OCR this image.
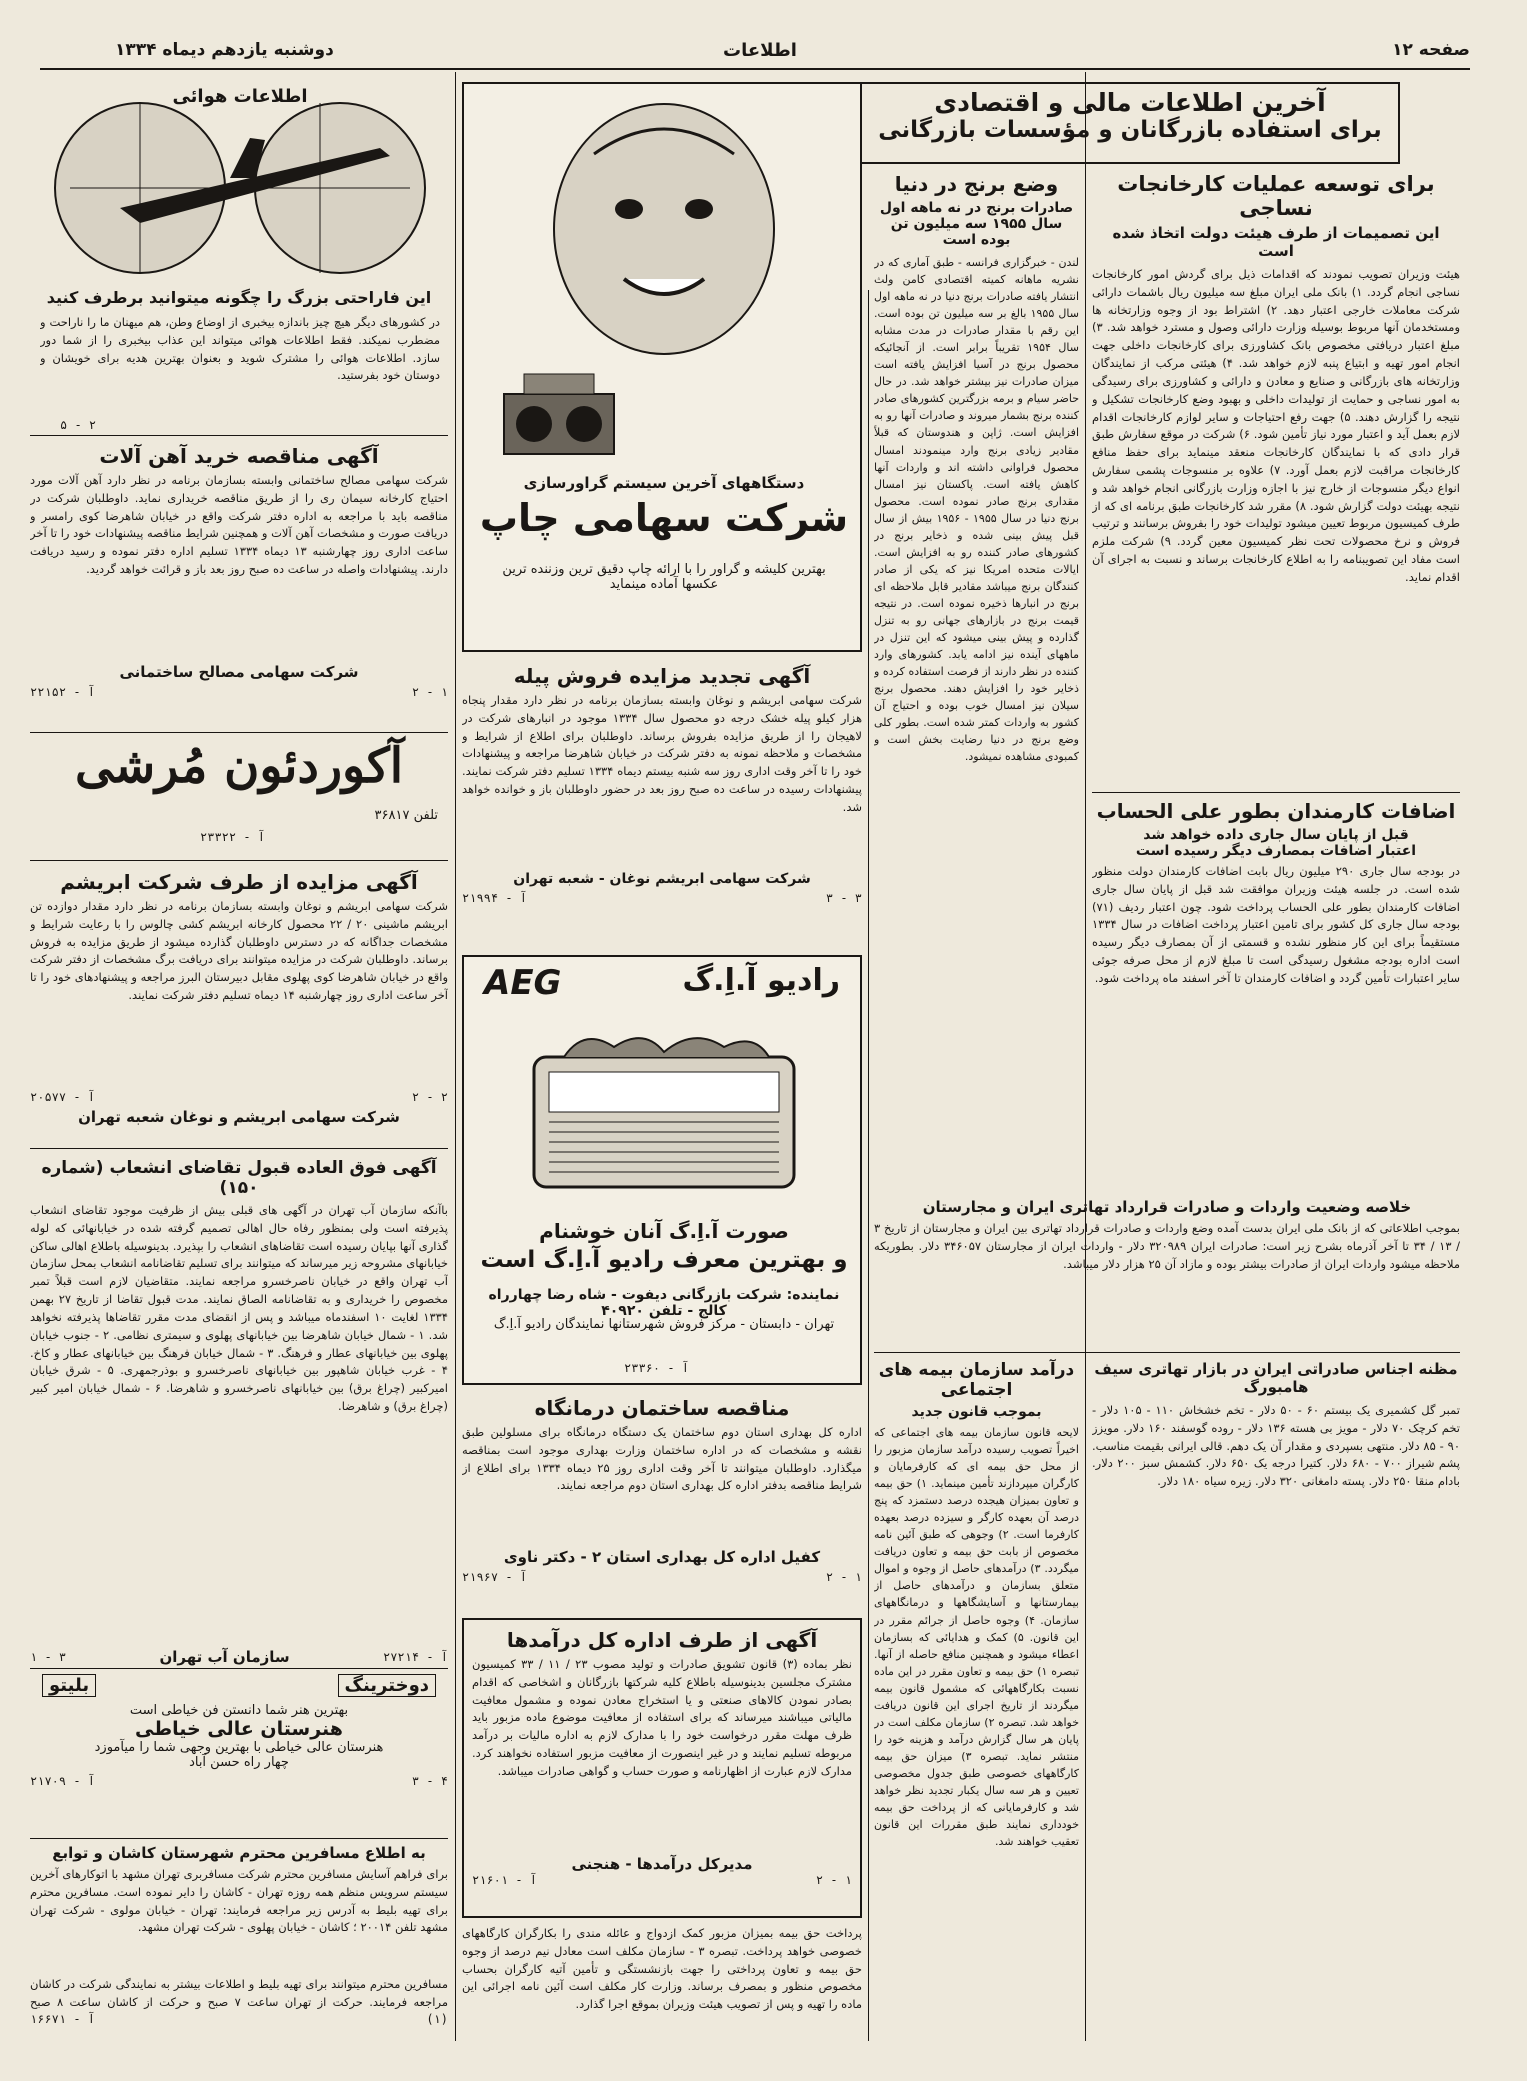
صفحه ۱۲
اطلاعات
دوشنبه یازدهم دیماه ۱۳۳۴
آخرین اطلاعات مالی و اقتصادی
برای استفاده بازرگانان و مؤسسات بازرگانی
برای توسعه عملیات کارخانجات نساجی
این تصمیمات از طرف هیئت دولت اتخاذ شده است
هیئت وزیران تصویب نمودند که اقدامات ذیل برای گردش امور کارخانجات نساجی انجام گردد. ۱) بانک ملی ایران مبلغ سه میلیون ریال باشمات دارائی شرکت معاملات خارجی اعتبار دهد. ۲) اشتراط بود از وجوه وزارتخانه ها ومستخدمان آنها مربوط بوسیله وزارت دارائی وصول و مسترد خواهد شد. ۳) مبلغ اعتبار دریافتی مخصوص بانک کشاورزی برای کارخانجات داخلی جهت انجام امور تهیه و ابتیاع پنبه لازم خواهد شد. ۴) هیئتی مرکب از نمایندگان وزارتخانه های بازرگانی و صنایع و معادن و دارائی و کشاورزی برای رسیدگی به امور نساجی و حمایت از تولیدات داخلی و بهبود وضع کارخانجات تشکیل و نتیجه را گزارش دهند. ۵) جهت رفع احتیاجات و سایر لوازم کارخانجات اقدام لازم بعمل آید و اعتبار مورد نیاز تأمین شود. ۶) شرکت در موقع سفارش طبق قرار دادی که با نمایندگان کارخانجات منعقد مینماید برای حفظ منافع کارخانجات مراقبت لازم بعمل آورد. ۷) علاوه بر منسوجات پشمی سفارش انواع دیگر منسوجات از خارج نیز با اجازه وزارت بازرگانی انجام خواهد شد و نتیجه بهیئت دولت گزارش شود. ۸) مقرر شد کارخانجات طبق برنامه ای که از طرف کمیسیون مربوط تعیین میشود تولیدات خود را بفروش برسانند و ترتیب فروش و نرخ محصولات تحت نظر کمیسیون معین گردد. ۹) شرکت ملزم است مفاد این تصویبنامه را به اطلاع کارخانجات برساند و نسبت به اجرای آن اقدام نماید.
اضافات کارمندان بطور علی الحساب
قبل از پایان سال جاری داده خواهد شد
اعتبار اضافات بمصارف دیگر رسیده است
در بودجه سال جاری ۲۹۰ میلیون ریال بابت اضافات کارمندان دولت منظور شده است. در جلسه هیئت وزیران موافقت شد قبل از پایان سال جاری اضافات کارمندان بطور علی الحساب پرداخت شود. چون اعتبار ردیف (۷۱) بودجه سال جاری کل کشور برای تامین اعتبار پرداخت اضافات در سال ۱۳۳۴ مستقیماً برای این کار منظور نشده و قسمتی از آن بمصارف دیگر رسیده است اداره بودجه مشغول رسیدگی است تا مبلغ لازم از محل صرفه جوئی سایر اعتبارات تأمین گردد و اضافات کارمندان تا آخر اسفند ماه پرداخت شود.
وضع برنج در دنیا
صادرات برنج در نه ماهه اول سال ۱۹۵۵ سه میلیون تن بوده است
لندن - خبرگزاری فرانسه - طبق آماری که در نشریه ماهانه کمیته اقتصادی کامن ولث انتشار یافته صادرات برنج دنیا در نه ماهه اول سال ۱۹۵۵ بالغ بر سه میلیون تن بوده است. این رقم با مقدار صادرات در مدت مشابه سال ۱۹۵۴ تقریباً برابر است. از آنجائیکه محصول برنج در آسیا افزایش یافته است میزان صادرات نیز بیشتر خواهد شد. در حال حاضر سیام و برمه بزرگترین کشورهای صادر کننده برنج بشمار میروند و صادرات آنها رو به افزایش است. ژاپن و هندوستان که قبلاً مقادیر زیادی برنج وارد مینمودند امسال محصول فراوانی داشته اند و واردات آنها کاهش یافته است. پاکستان نیز امسال مقداری برنج صادر نموده است. محصول برنج دنیا در سال ۱۹۵۵ - ۱۹۵۶ بیش از سال قبل پیش بینی شده و ذخایر برنج در کشورهای صادر کننده رو به افزایش است. ایالات متحده امریکا نیز که یکی از صادر کنندگان برنج میباشد مقادیر قابل ملاحظه ای برنج در انبارها ذخیره نموده است. در نتیجه قیمت برنج در بازارهای جهانی رو به تنزل گذارده و پیش بینی میشود که این تنزل در ماههای آینده نیز ادامه یابد. کشورهای وارد کننده در نظر دارند از فرصت استفاده کرده و ذخایر خود را افزایش دهند. محصول برنج سیلان نیز امسال خوب بوده و احتیاج آن کشور به واردات کمتر شده است. بطور کلی وضع برنج در دنیا رضایت بخش است و کمبودی مشاهده نمیشود.
خلاصه وضعیت واردات و صادرات قرارداد تهاتری ایران و مجارستان
بموجب اطلاعاتی که از بانک ملی ایران بدست آمده وضع واردات و صادرات قرارداد تهاتری بین ایران و مجارستان از تاریخ ۳ / ۱۳ / ۳۴ تا آخر آذرماه بشرح زیر است: صادرات ایران ۳۲۰۹۸۹ دلار - واردات ایران از مجارستان ۳۴۶۰۵۷ دلار. بطوریکه ملاحظه میشود واردات ایران از صادرات بیشتر بوده و مازاد آن ۲۵ هزار دلار میباشد.
مظنه اجناس صادراتی ایران در بازار تهاتری سیف هامبورگ
تمبر گل کشمیری یک بیستم ۶۰ - ۵۰ دلار - تخم خشخاش ۱۱۰ - ۱۰۵ دلار - تخم کرچک ۷۰ دلار - مویز بی هسته ۱۳۶ دلار - روده گوسفند ۱۶۰ دلار. مویزز ۹۰ - ۸۵ دلار. منتهی بسپردی و مقدار آن یک دهم. قالی ایرانی بقیمت مناسب. پشم شیراز ۷۰۰ - ۶۸۰ دلار. کتیرا درجه یک ۶۵۰ دلار. کشمش سبز ۲۰۰ دلار. بادام منقا ۲۵۰ دلار. پسته دامغانی ۳۲۰ دلار. زیره سیاه ۱۸۰ دلار.
درآمد سازمان بیمه های اجتماعی
بموجب قانون جدید
لایحه قانون سازمان بیمه های اجتماعی که اخیراً تصویب رسیده درآمد سازمان مزبور را از محل حق بیمه ای که کارفرمایان و کارگران میپردازند تأمین مینماید. ۱) حق بیمه و تعاون بمیزان هیجده درصد دستمزد که پنج درصد آن بعهده کارگر و سیزده درصد بعهده کارفرما است. ۲) وجوهی که طبق آئین نامه مخصوص از بابت حق بیمه و تعاون دریافت میگردد. ۳) درآمدهای حاصل از وجوه و اموال متعلق بسازمان و درآمدهای حاصل از بیمارستانها و آسایشگاهها و درمانگاههای سازمان. ۴) وجوه حاصل از جرائم مقرر در این قانون. ۵) کمک و هدایائی که بسازمان اعطاء میشود و همچنین منافع حاصله از آنها. تبصره ۱) حق بیمه و تعاون مقرر در این ماده نسبت بکارگاههائی که مشمول قانون بیمه میگردند از تاریخ اجرای این قانون دریافت خواهد شد. تبصره ۲) سازمان مکلف است در پایان هر سال گزارش درآمد و هزینه خود را منتشر نماید. تبصره ۳) میزان حق بیمه کارگاههای خصوصی طبق جدول مخصوصی تعیین و هر سه سال یکبار تجدید نظر خواهد شد و کارفرمایانی که از پرداخت حق بیمه خودداری نمایند طبق مقررات این قانون تعقیب خواهند شد.
دستگاههای آخرین سیستم گراورسازی
شرکت سهامی چاپ
بهترین کلیشه و گراور را با ارائه چاپ دقیق ترین وزننده ترین عکسها آماده مینماید
آگهی تجدید مزایده فروش پیله
شرکت سهامی ابریشم و نوغان وابسته بسازمان برنامه در نظر دارد مقدار پنجاه هزار کیلو پیله خشک درجه دو محصول سال ۱۳۳۴ موجود در انبارهای شرکت در لاهیجان را از طریق مزایده بفروش برساند. داوطلبان برای اطلاع از شرایط و مشخصات و ملاحظه نمونه به دفتر شرکت در خیابان شاهرضا مراجعه و پیشنهادات خود را تا آخر وقت اداری روز سه شنبه بیستم دیماه ۱۳۳۴ تسلیم دفتر شرکت نمایند. پیشنهادات رسیده در ساعت ده صبح روز بعد در حضور داوطلبان باز و خوانده خواهد شد.
شرکت سهامی ابریشم نوغان - شعبه تهران
آ - ۲۱۹۹۴	۳ - ۳
AEG	رادیو آ.اِ.گ
صورت آ.اِ.گ آنان خوشنام
و بهترین معرف رادیو آ.اِ.گ است
نماینده: شرکت بازرگانی دیفوت - شاه رضا چهارراه کالج - تلفن ۴۰۹۲۰
تهران - دابستان - مرکز فروش شهرستانها نمایندگان رادیو آ.اِ.گ
آ - ۲۳۳۶۰
مناقصه ساختمان درمانگاه
اداره کل بهداری استان دوم ساختمان یک دستگاه درمانگاه برای مسلولین طبق نقشه و مشخصات که در اداره ساختمان وزارت بهداری موجود است بمناقصه میگذارد. داوطلبان میتوانند تا آخر وقت اداری روز ۲۵ دیماه ۱۳۳۴ برای اطلاع از شرایط مناقصه بدفتر اداره کل بهداری استان دوم مراجعه نمایند.
کفیل اداره کل بهداری استان ۲ - دکتر ناوی
آ - ۲۱۹۶۷	۲ - ۱
آگهی از طرف اداره کل درآمدها
نظر بماده (۳) قانون تشویق صادرات و تولید مصوب ۲۳ / ۱۱ / ۳۳ کمیسیون مشترک مجلسین بدینوسیله باطلاع کلیه شرکتها بازرگانان و اشخاصی که اقدام بصادر نمودن کالاهای صنعتی و یا استخراج معادن نموده و مشمول معافیت مالیاتی میباشند میرساند که برای استفاده از معافیت موضوع ماده مزبور باید ظرف مهلت مقرر درخواست خود را با مدارک لازم به اداره مالیات بر درآمد مربوطه تسلیم نمایند و در غیر اینصورت از معافیت مزبور استفاده نخواهند کرد. مدارک لازم عبارت از اظهارنامه و صورت حساب و گواهی صادرات میباشد.
مدیرکل درآمدها - هنجنی
آ - ۲۱۶۰۱	۲ - ۱
پرداخت حق بیمه بمیزان مزبور کمک ازدواج و عائله مندی را بکارگران کارگاههای خصوصی خواهد پرداخت. تبصره ۳ - سازمان مکلف است معادل نیم درصد از وجوه حق بیمه و تعاون پرداختی را جهت بازنشستگی و تأمین آتیه کارگران بحساب مخصوص منظور و بمصرف برساند. وزارت کار مکلف است آئین نامه اجرائی این ماده را تهیه و پس از تصویب هیئت وزیران بموقع اجرا گذارد.
اطلاعات هوائی
این فاراحتی بزرگ را چگونه میتوانید برطرف کنید
در کشورهای دیگر هیچ چیز باندازه بیخبری از اوضاع وطن، هم میهنان ما را ناراحت و مضطرب نمیکند. فقط اطلاعات هوائی میتواند این عذاب بیخبری را از شما دور سازد. اطلاعات هوائی را مشترک شوید و بعنوان بهترین هدیه برای خویشان و دوستان خود بفرستید.
۵ - ۲
آگهی مناقصه خرید آهن آلات
شرکت سهامی مصالح ساختمانی وابسته بسازمان برنامه در نظر دارد آهن آلات مورد احتیاج کارخانه سیمان ری را از طریق مناقصه خریداری نماید. داوطلبان شرکت در مناقصه باید با مراجعه به اداره دفتر شرکت واقع در خیابان شاهرضا کوی رامسر و دریافت صورت و مشخصات آهن آلات و همچنین شرایط مناقصه پیشنهادات خود را تا آخر ساعت اداری روز چهارشنبه ۱۳ دیماه ۱۳۳۴ تسلیم اداره دفتر نموده و رسید دریافت دارند. پیشنهادات واصله در ساعت ده صبح روز بعد باز و قرائت خواهد گردید.
شرکت سهامی مصالح ساختمانی
آ - ۲۲۱۵۲	۲ - ۱
آکوردئون مُرشی
تلفن ۳۶۸۱۷
آ - ۲۳۳۲۲
آگهی مزایده از طرف شرکت ابریشم
شرکت سهامی ابریشم و نوغان وابسته بسازمان برنامه در نظر دارد مقدار دوازده تن ابریشم ماشینی ۲۰ / ۲۲ محصول کارخانه ابریشم کشی چالوس را با رعایت شرایط و مشخصات جداگانه که در دسترس داوطلبان گذارده میشود از طریق مزایده به فروش برساند. داوطلبان شرکت در مزایده میتوانند برای دریافت برگ مشخصات از دفتر شرکت واقع در خیابان شاهرضا کوی پهلوی مقابل دبیرستان البرز مراجعه و پیشنهادهای خود را تا آخر ساعت اداری روز چهارشنبه ۱۴ دیماه تسلیم دفتر شرکت نمایند.
آ - ۲۰۵۷۷	۲ - ۲
شرکت سهامی ابریشم و نوغان شعبه تهران
آگهی فوق العاده قبول تقاضای انشعاب (شماره ۱۵۰)
باآنکه سازمان آب تهران در آگهی های قبلی بیش از ظرفیت موجود تقاضای انشعاب پذیرفته است ولی بمنظور رفاه حال اهالی تصمیم گرفته شده در خیابانهائی که لوله گذاری آنها بپایان رسیده است تقاضاهای انشعاب را بپذیرد. بدینوسیله باطلاع اهالی ساکن خیابانهای مشروحه زیر میرساند که میتوانند برای تسلیم تقاضانامه انشعاب بمحل سازمان آب تهران واقع در خیابان ناصرخسرو مراجعه نمایند. متقاضیان لازم است قبلاً تمبر مخصوص را خریداری و به تقاضانامه الصاق نمایند. مدت قبول تقاضا از تاریخ ۲۷ بهمن ۱۳۳۴ لغایت ۱۰ اسفندماه میباشد و پس از انقضای مدت مقرر تقاضاها پذیرفته نخواهد شد. ۱ - شمال خیابان شاهرضا بین خیابانهای پهلوی و سیمتری نظامی. ۲ - جنوب خیابان پهلوی بین خیابانهای عطار و فرهنگ. ۳ - شمال خیابان فرهنگ بین خیابانهای عطار و کاخ. ۴ - غرب خیابان شاهپور بین خیابانهای ناصرخسرو و بوذرجمهری. ۵ - شرق خیابان امیرکبیر (چراغ برق) بین خیابانهای ناصرخسرو و شاهرضا. ۶ - شمال خیابان امیر کبیر (چراغ برق) و شاهرضا.
آ - ۲۷۲۱۴
سازمان آب تهران
۱ - ۳
دوخترینگ
بلیتو
بهترین هنر شما دانستن فن خیاطی است
هنرستان عالی خیاطی
هنرستان عالی خیاطی با بهترین وجهی شما را میآموزد
چهار راه حسن آباد
آ - ۲۱۷۰۹	۳ - ۴
به اطلاع مسافرین محترم شهرستان کاشان و توابع
برای فراهم آسایش مسافرین محترم شرکت مسافربری تهران مشهد با اتوکارهای آخرین سیستم سرویس منظم همه روزه تهران - کاشان را دایر نموده است. مسافرین محترم برای تهیه بلیط به آدرس زیر مراجعه فرمایند: تهران - خیابان مولوی - شرکت تهران مشهد تلفن ۲۰۰۱۴ ؛ کاشان - خیابان پهلوی - شرکت تهران مشهد.
مسافرین محترم میتوانند برای تهیه بلیط و اطلاعات بیشتر به نمایندگی شرکت در کاشان مراجعه فرمایند. حرکت از تهران ساعت ۷ صبح و حرکت از کاشان ساعت ۸ صبح
آ - ۱۶۶۷۱	(۱)
